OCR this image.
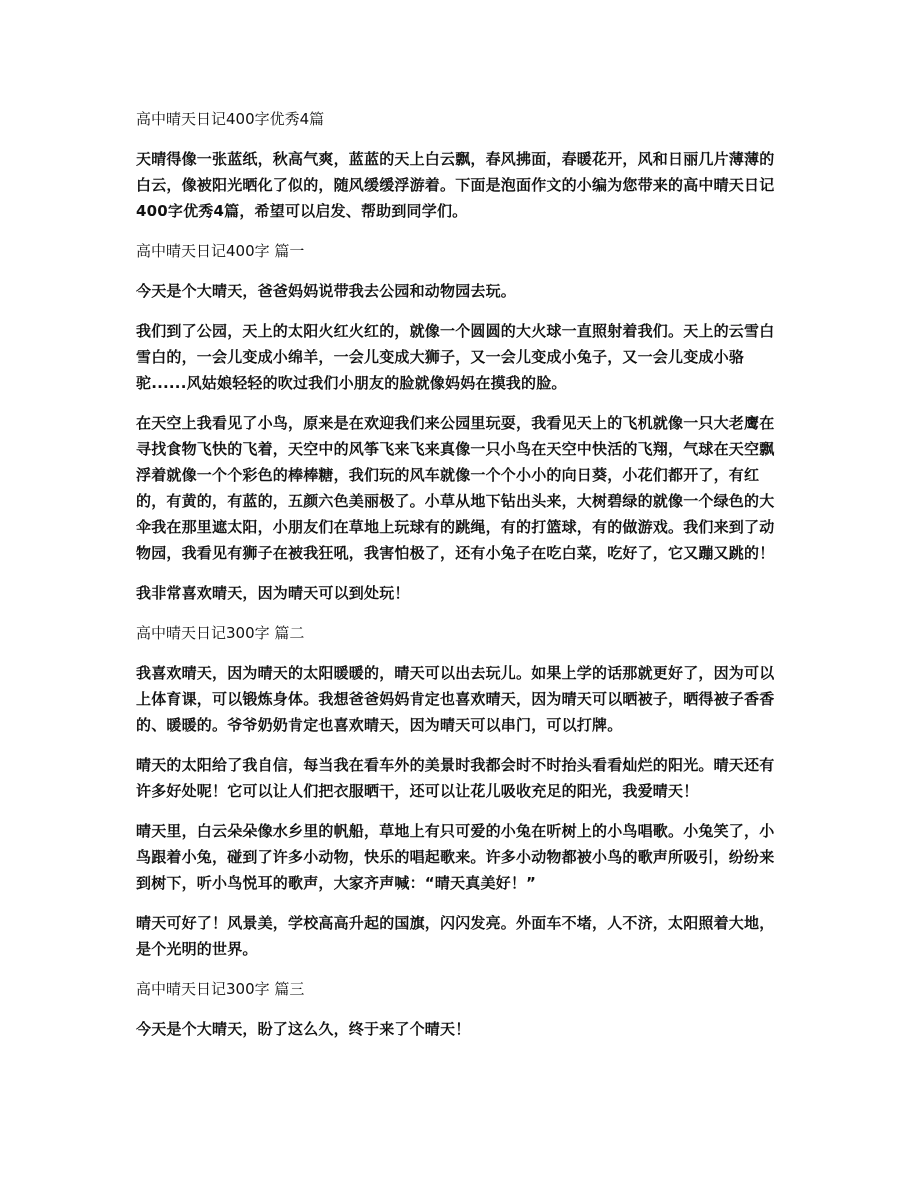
高中晴天日记400字优秀4篇
天晴得像一张蓝纸，秋高气爽，蓝蓝的天上白云飘，春风拂面，春暖花开，风和日丽几片薄薄的白云，像被阳光晒化了似的，随风缓缓浮游着。下面是泡面作文的小编为您带来的高中晴天日记400字优秀4篇，希望可以启发、帮助到同学们。
高中晴天日记400字 篇一
今天是个大晴天，爸爸妈妈说带我去公园和动物园去玩。
我们到了公园，天上的太阳火红火红的，就像一个圆圆的大火球一直照射着我们。天上的云雪白雪白的，一会儿变成小绵羊，一会儿变成大狮子，又一会儿变成小兔子，又一会儿变成小骆驼......风姑娘轻轻的吹过我们小朋友的脸就像妈妈在摸我的脸。
在天空上我看见了小鸟，原来是在欢迎我们来公园里玩耍，我看见天上的飞机就像一只大老鹰在寻找食物飞快的飞着，天空中的风筝飞来飞来真像一只小鸟在天空中快活的飞翔，气球在天空飘浮着就像一个个彩色的棒棒糖，我们玩的风车就像一个个小小的向日葵，小花们都开了，有红的，有黄的，有蓝的，五颜六色美丽极了。小草从地下钻出头来，大树碧绿的就像一个绿色的大伞我在那里遮太阳，小朋友们在草地上玩球有的跳绳，有的打篮球，有的做游戏。我们来到了动物园，我看见有狮子在被我狂吼，我害怕极了，还有小兔子在吃白菜，吃好了，它又蹦又跳的！
我非常喜欢晴天，因为晴天可以到处玩！
高中晴天日记300字 篇二
我喜欢晴天，因为晴天的太阳暖暖的，晴天可以出去玩儿。如果上学的话那就更好了，因为可以上体育课，可以锻炼身体。我想爸爸妈妈肯定也喜欢晴天，因为晴天可以晒被子，晒得被子香香的、暖暖的。爷爷奶奶肯定也喜欢晴天，因为晴天可以串门，可以打牌。
晴天的太阳给了我自信，每当我在看车外的美景时我都会时不时抬头看看灿烂的阳光。晴天还有许多好处呢！它可以让人们把衣服晒干，还可以让花儿吸收充足的阳光，我爱晴天！
晴天里，白云朵朵像水乡里的帆船，草地上有只可爱的小兔在听树上的小鸟唱歌。小兔笑了，小鸟跟着小兔，碰到了许多小动物，快乐的唱起歌来。许多小动物都被小鸟的歌声所吸引，纷纷来到树下，听小鸟悦耳的歌声，大家齐声喊：“晴天真美好！”
晴天可好了！风景美，学校高高升起的国旗，闪闪发亮。外面车不堵，人不济，太阳照着大地，是个光明的世界。
高中晴天日记300字 篇三
今天是个大晴天，盼了这么久，终于来了个晴天！
